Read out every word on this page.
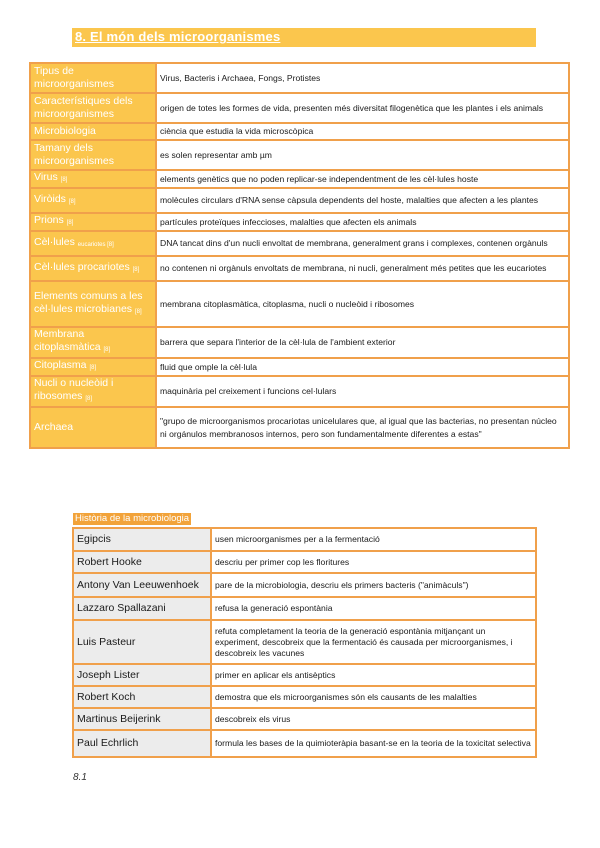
8. El món dels microorganismes
Tipus de microorganismes	Virus, Bacteris i Archaea, Fongs, Protistes
Característiques dels microorganismes	origen de totes les formes de vida, presenten més diversitat filogenètica que les plantes i els animals
Microbiologia	ciència que estudia la vida microscòpica
Tamany dels microorganismes	es solen representar amb µm
Virus [8]	elements genètics que no poden replicar-se independentment de les cèl·lules hoste
Viròids [8]	molècules circulars d'RNA sense càpsula dependents del hoste, malalties que afecten a les plantes
Prions [8]	partícules proteïques infeccioses, malalties que afecten els animals
Cèl·lules $^{eucariotes [8]}$	DNA tancat dins d'un nucli envoltat de membrana, generalment grans i complexes, contenen orgànuls
Cèl·lules procariotes [8]	no contenen ni orgànuls envoltats de membrana, ni nucli, generalment més petites que les eucariotes
Elements comuns a les cèl·lules microbianes [8]	membrana citoplasmàtica, citoplasma, nucli o nucleòid i ribosomes
Membrana citoplasmàtica [8]	barrera que separa l'interior de la cèl·lula de l'ambient exterior
Citoplasma [8]	fluid que omple la cèl·lula
Nucli o nucleòid i ribosomes [8]	maquinària pel creixement i funcions cel·lulars
Archaea	"grupo de microorganismos procariotas unicelulares que, al igual que las bacterias, no presentan núcleo ni orgánulos membranosos internos, pero son fundamentalmente diferentes a estas"
Història de la microbiologia
Egipcis	usen microorganismes per a la fermentació
Robert Hooke	descriu per primer cop les floritures
Antony Van Leeuwenhoek	pare de la microbiologia, descriu els primers bacteris ("animàculs")
Lazzaro Spallazani	refusa la generació espontània
Luis Pasteur	refuta completament la teoria de la generació espontània mitjançant un experiment, descobreix que la fermentació és causada per microorganismes, i descobreix les vacunes
Joseph Lister	primer en aplicar els antisèptics
Robert Koch	demostra que els microorganismes són els causants de les malalties
Martinus Beijerink	descobreix els virus
Paul Echrlich	formula les bases de la quimioteràpia basant-se en la teoria de la toxicitat selectiva
8.1
